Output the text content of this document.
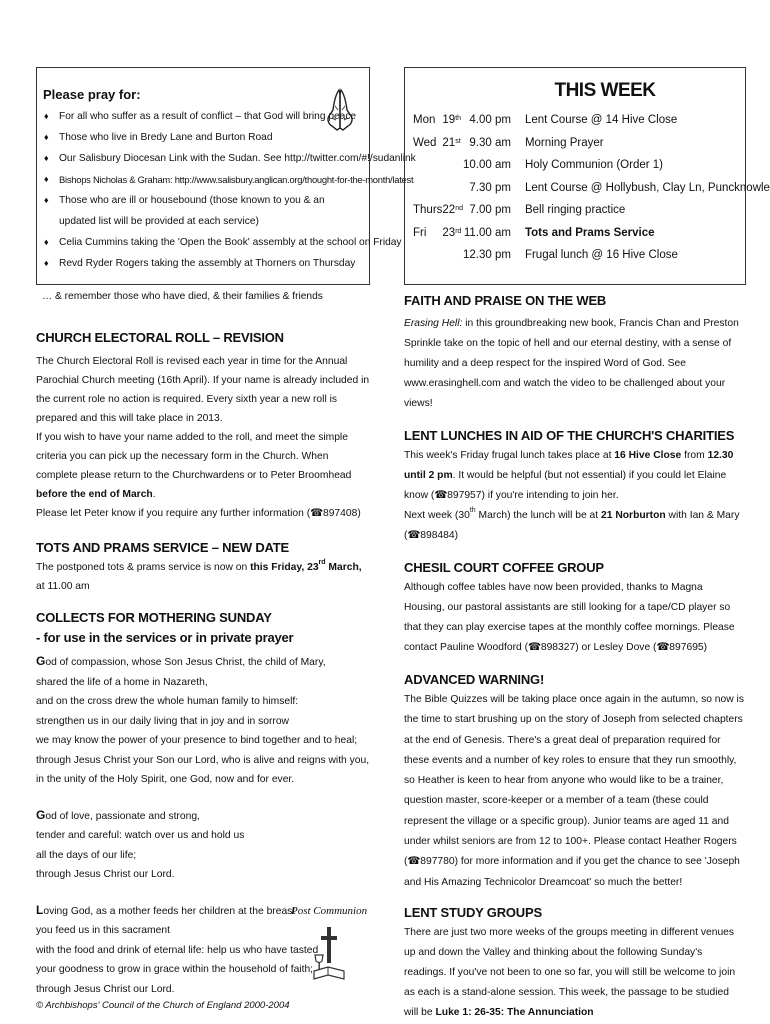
Please pray for:
♦ For all who suffer as a result of conflict – that God will bring peace
♦ Those who live in Bredy Lane and Burton Road
♦ Our Salisbury Diocesan Link with the Sudan. See http://twitter.com/#!/sudanlink
♦ Bishops Nicholas & Graham: http://www.salisbury.anglican.org/thought-for-the-month/latest
♦ Those who are ill or housebound (those known to you & an updated list will be provided at each service)
♦ Celia Cummins taking the 'Open the Book' assembly at the school on Friday
♦ Revd Ryder Rogers taking the assembly at Thorners on Thursday
… & remember those who have died, & their families & friends
CHURCH ELECTORAL ROLL – REVISION

The Church Electoral Roll is revised each year in time for the Annual Parochial Church meeting (16th April). If your name is already included in the current role no action is required. Every sixth year a new roll is prepared and this will take place in 2013.

If you wish to have your name added to the roll, and meet the simple criteria you can pick up the necessary form in the Church. When complete please return to the Churchwardens or to Peter Broomhead before the end of March.

Please let Peter know if you require any further information (☎897408)

TOTS AND PRAMS SERVICE – NEW DATE

The postponed tots & prams service is now on this Friday, 23rd March, at 11.00 am

COLLECTS FOR MOTHERING SUNDAY
- for use in the services or in private prayer
God of compassion, whose Son Jesus Christ, the child of Mary,
shared the life of a home in Nazareth,
and on the cross drew the whole human family to himself:
strengthen us in our daily living that in joy and in sorrow
we may know the power of your presence to bind together and to heal;
through Jesus Christ your Son our Lord, who is alive and reigns with you,
in the unity of the Holy Spirit, one God, now and for ever.
God of love, passionate and strong,
tender and careful: watch over us and hold us
all the days of our life;
through Jesus Christ our Lord.
Loving God, as a mother feeds her children at the breast
you feed us in this sacrament
with the food and drink of eternal life: help us who have tasted
your goodness to grow in grace within the household of faith;
through Jesus Christ our Lord.
Post Communion
© Archbishops' Council of the Church of England 2000-2004
THIS WEEK
Mon	19th	4.00 pm	Lent Course @ 14 Hive Close
Wed	21st	9.30 am	Morning Prayer
		10.00 am	Holy Communion (Order 1)
		7.30 pm	Lent Course @ Hollybush, Clay Ln, Puncknowle
Thurs	22nd	7.00 pm	Bell ringing practice
Fri	23rd	11.00 am	Tots and Prams Service
		12.30 pm	Frugal lunch @ 16 Hive Close
FAITH AND PRAISE ON THE WEB

Erasing Hell: in this groundbreaking new book, Francis Chan and Preston Sprinkle take on the topic of hell and our eternal destiny, with a sense of humility and a deep respect for the inspired Word of God. See www.erasinghell.com and watch the video to be challenged about your views!

LENT LUNCHES IN AID OF THE CHURCH'S CHARITIES

This week's Friday frugal lunch takes place at 16 Hive Close from 12.30 until 2 pm. It would be helpful (but not essential) if you could let Elaine know (☎897957) if you're intending to join her.

Next week (30th March) the lunch will be at 21 Norburton with Ian & Mary (☎898484)

CHESIL COURT COFFEE GROUP

Although coffee tables have now been provided, thanks to Magna Housing, our pastoral assistants are still looking for a tape/CD player so that they can play exercise tapes at the monthly coffee mornings. Please contact Pauline Woodford (☎898327) or Lesley Dove (☎897695)

ADVANCED WARNING!

The Bible Quizzes will be taking place once again in the autumn, so now is the time to start brushing up on the story of Joseph from selected chapters at the end of Genesis. There's a great deal of preparation required for these events and a number of key roles to ensure that they run smoothly, so Heather is keen to hear from anyone who would like to be a trainer, question master, score-keeper or a member of a team (these could represent the village or a specific group). Junior teams are aged 11 and under whilst seniors are from 12 to 100+. Please contact Heather Rogers (☎897780) for more information and if you get the chance to see 'Joseph and His Amazing Technicolor Dreamcoat' so much the better!

LENT STUDY GROUPS

There are just two more weeks of the groups meeting in different venues up and down the Valley and thinking about the following Sunday's readings. If you've not been to one so far, you will still be welcome to join as each is a stand-alone session. This week, the passage to be studied will be Luke 1: 26-35: The Annunciation
